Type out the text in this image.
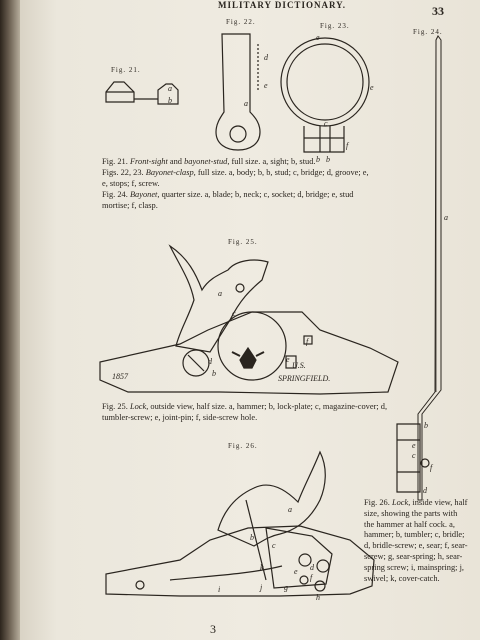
MILITARY DICTIONARY.	33
Fig. 21.
Fig. 22.	Fig. 23.
Fig. 24.
Fig. 25.
Fig. 26.
a
b
d
e
a
e
e
c
f
b b
a
b
e
c
f
d
a
c
b
d	e
f
a
b
c
e d
f
g
h
i	j
k
1857
U.S.
SPRINGFIELD.
Fig. 21. Front-sight and bayonet-stud, full size. a, sight; b, stud.
Figs. 22, 23. Bayonet-clasp, full size. a, body; b, b, stud; c, bridge; d, groove; e, e, stops; f, screw.
Fig. 24. Bayonet, quarter size. a, blade; b, neck; c, socket; d, bridge; e, stud mortise; f, clasp.
Fig. 25. Lock, outside view, half size. a, hammer; b, lock-plate; c, magazine-cover; d, tumbler-screw; e, joint-pin; f, side-screw hole.
Fig. 26. Lock, inside view, half size, showing the parts with the hammer at half cock. a, hammer; b, tumbler; c, bridle; d, bridle-screw; e, sear; f, sear-screw; g, sear-spring; h, sear-spring screw; i, mainspring; j, swivel; k, cover-catch.
3
